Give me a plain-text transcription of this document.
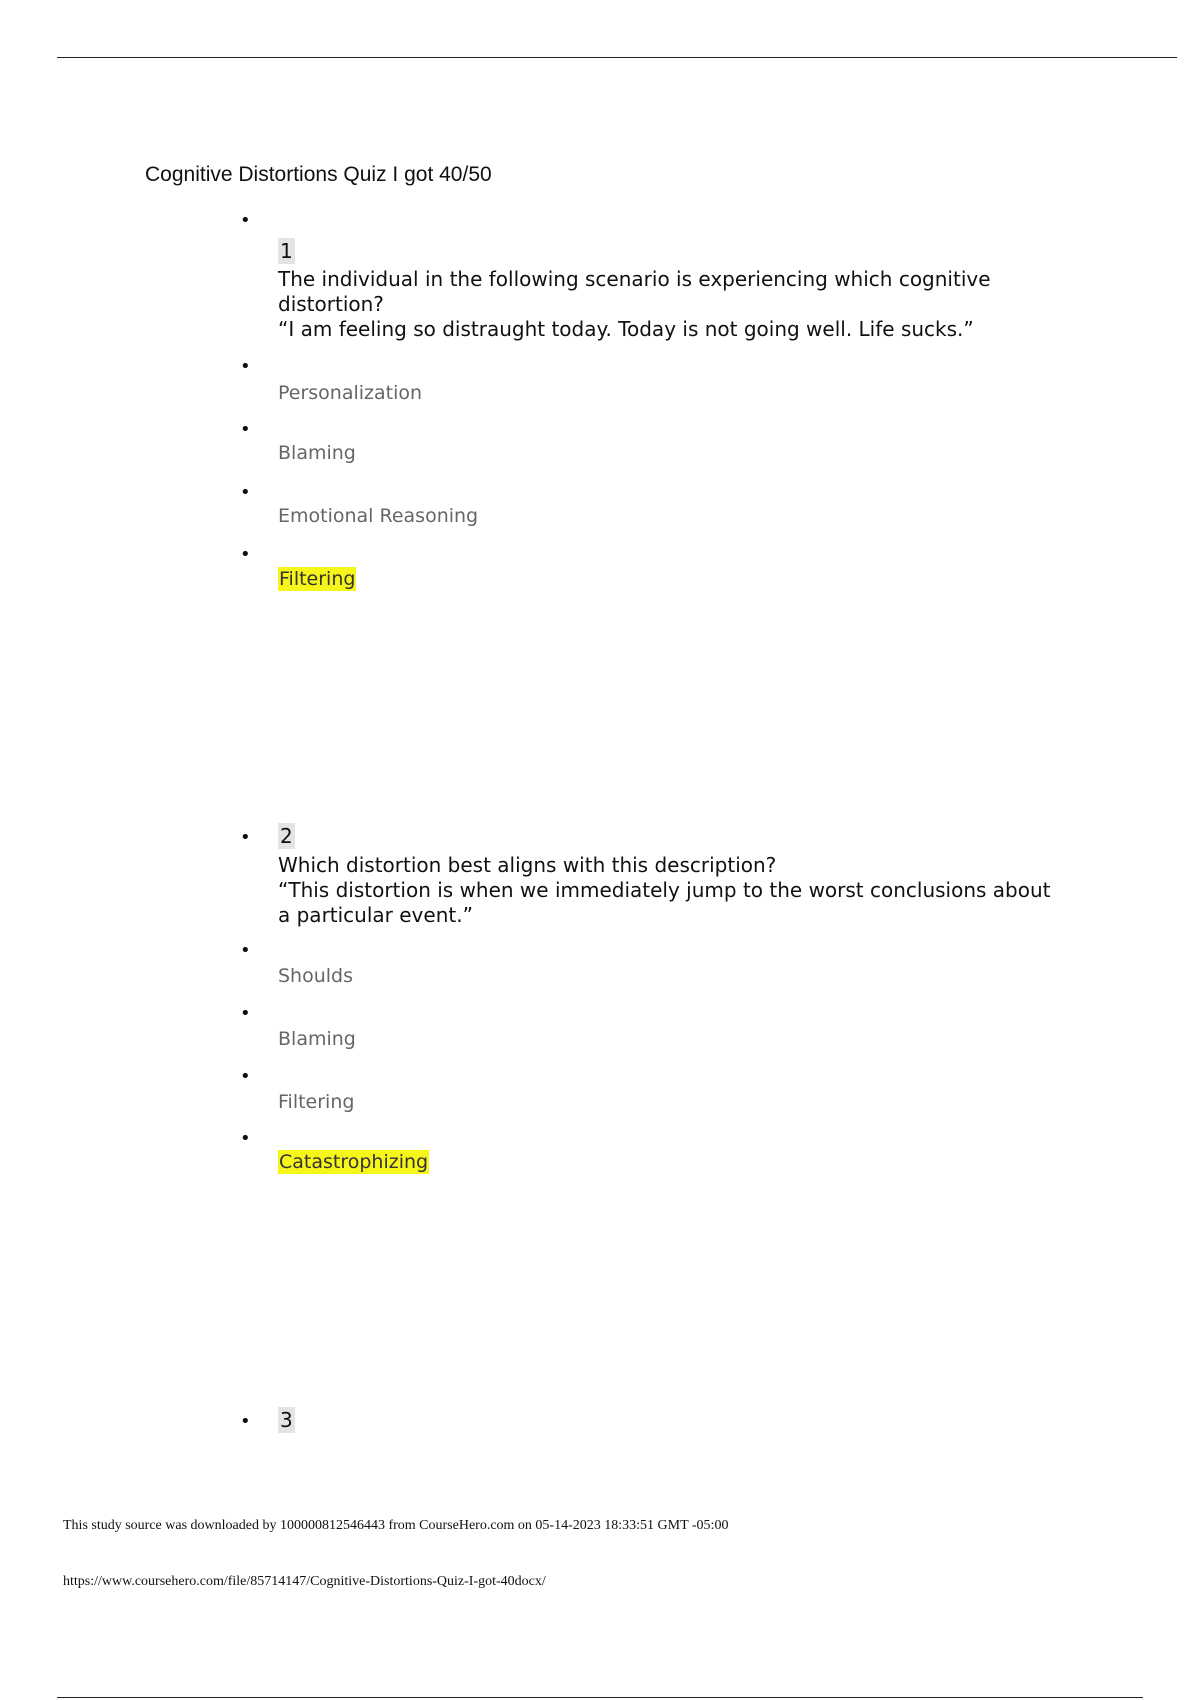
Cognitive Distortions Quiz I got 40/50
•
1
The individual in the following scenario is experiencing which cognitive distortion?
“I am feeling so distraught today. Today is not going well. Life sucks.”
•
Personalization
•
Blaming
•
Emotional Reasoning
•
Filtering
• 2
Which distortion best aligns with this description?
“This distortion is when we immediately jump to the worst conclusions about a particular event.”
•
Shoulds
•
Blaming
•
Filtering
•
Catastrophizing
• 3
This study source was downloaded by 100000812546443 from CourseHero.com on 05-14-2023 18:33:51 GMT -05:00
https://www.coursehero.com/file/85714147/Cognitive-Distortions-Quiz-I-got-40docx/
